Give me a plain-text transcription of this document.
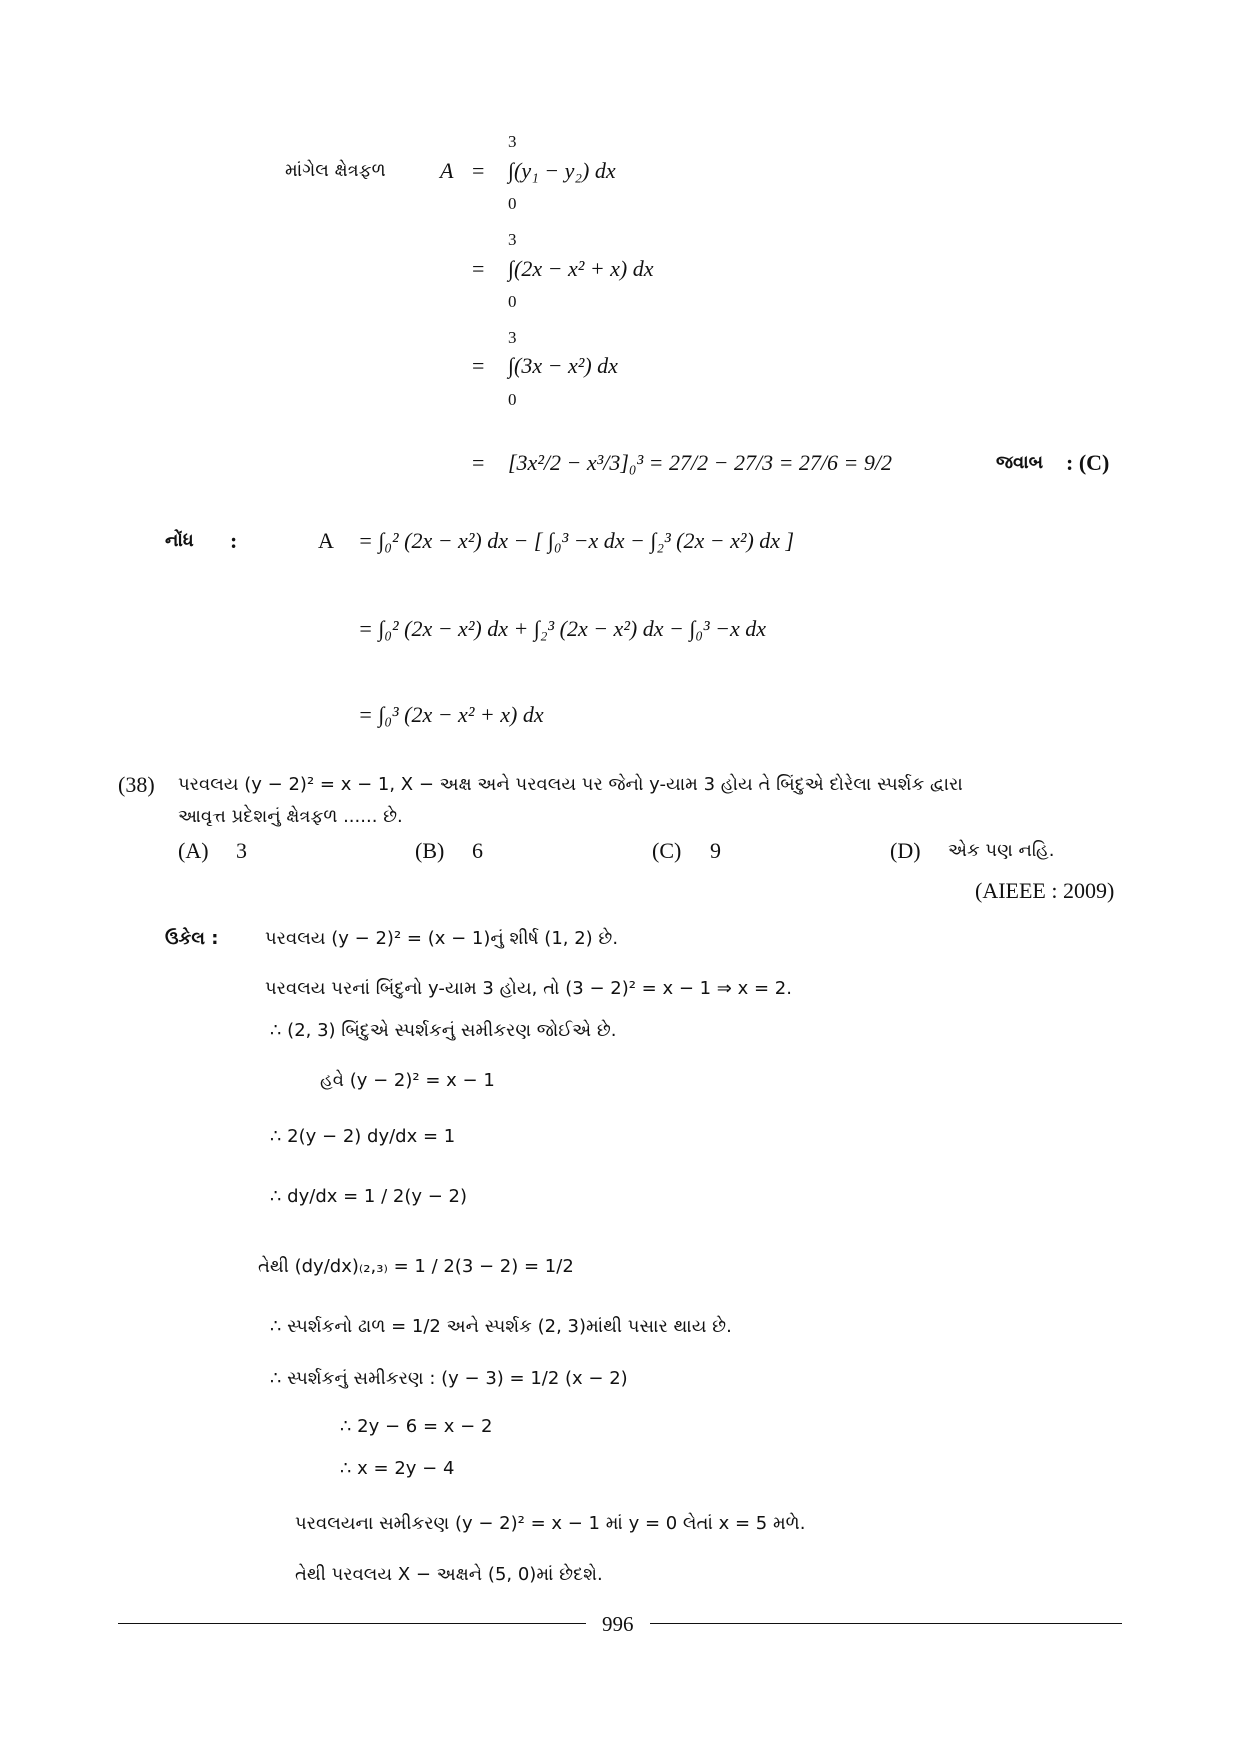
માંગેલ ક્ષેત્રફળ A =
3
0
∫(y₁ − y₂) dx
=
3
0
∫(2x − x² + x) dx
=
3
0
∫(3x − x²) dx
= [3x²/2 − x³/3]₀³ = 27/2 − 27/3 = 27/6 = 9/2	જવાબ : (C)
નોંધ :	A = ∫₀² (2x − x²) dx − [ ∫₀³ −x dx − ∫₂³ (2x − x²) dx ]
= ∫₀² (2x − x²) dx + ∫₂³ (2x − x²) dx − ∫₀³ −x dx
= ∫₀³ (2x − x² + x) dx
(38) પરવલય (y − 2)² = x − 1, X − અક્ષ અને પરવલય પર જેનો y-યામ 3 હોય તે બિંદુએ દોરેલા સ્પર્શક દ્વારા
આવૃત્ત પ્રદેશનું ક્ષેત્રફળ ...... છે.
(A) 3	(B) 6	(C) 9	(D) એક પણ નહિ.
(AIEEE : 2009)
ઉકેલ :	પરવલય (y − 2)² = (x − 1)નું શીર્ષ (1, 2) છે.
પરવલય પરનાં બિંદુનો y-યામ 3 હોય, તો (3 − 2)² = x − 1 ⇒ x = 2.
∴ (2, 3) બિંદુએ સ્પર્શકનું સમીકરણ જોઈએ છે.
હવે (y − 2)² = x − 1
∴ 2(y − 2) dy/dx = 1
∴ dy/dx = 1 / 2(y − 2)
તેથી (dy/dx)₍₂,₃₎ = 1 / 2(3 − 2) = 1/2
∴ સ્પર્શકનો ઢાળ = 1/2 અને સ્પર્શક (2, 3)માંથી પસાર થાય છે.
∴ સ્પર્શકનું સમીકરણ : (y − 3) = 1/2 (x − 2)
∴ 2y − 6 = x − 2
∴ x = 2y − 4
પરવલયના સમીકરણ (y − 2)² = x − 1 માં y = 0 લેતાં x = 5 મળે.
તેથી પરવલય X − અક્ષને (5, 0)માં છેદશે.
996
